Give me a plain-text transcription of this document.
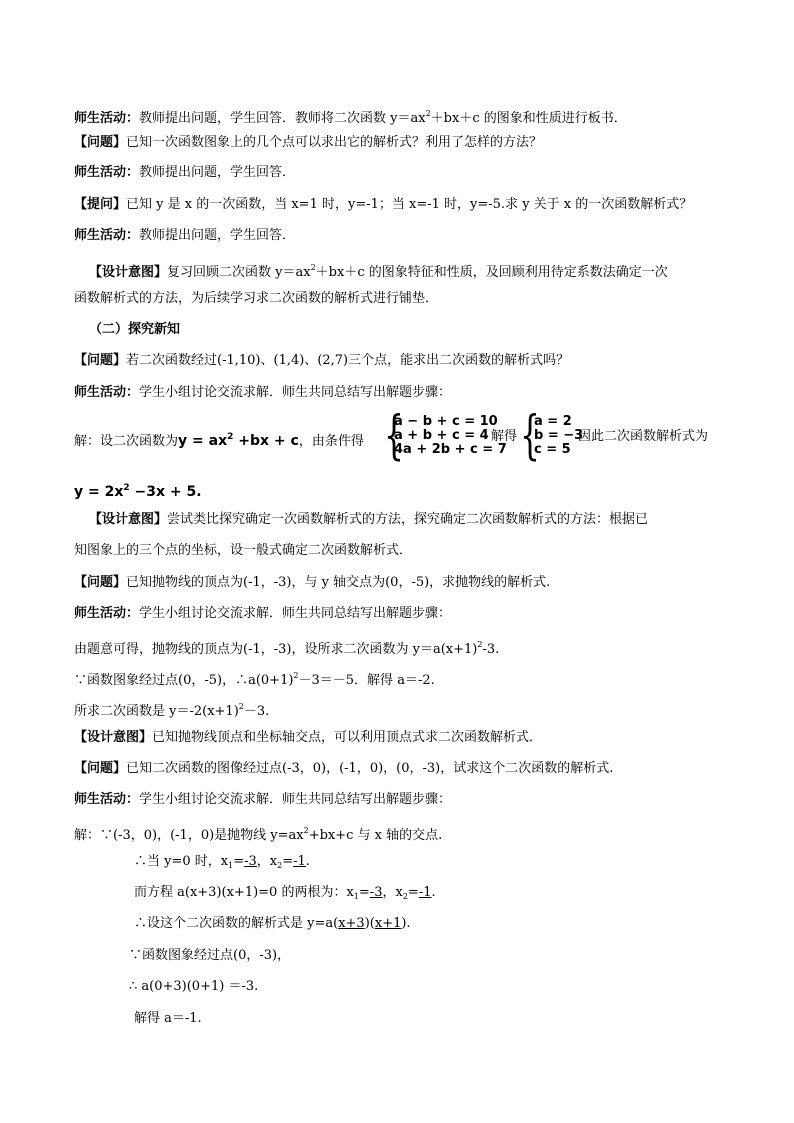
师生活动：教师提出问题，学生回答．教师将二次函数 $y=ax^2+bx+c$ 的图象和性质进行板书．
【问题】已知一次函数图象上的几个点可以求出它的解析式？利用了怎样的方法？
师生活动：教师提出问题，学生回答．
【提问】已知 y 是 x 的一次函数，当 x=1 时，y=-1；当 x=-1 时，y=-5.求 y 关于 x 的一次函数解析式？
师生活动：教师提出问题，学生回答．
【设计意图】复习回顾二次函数 $y=ax^2+bx+c$ 的图象特征和性质，及回顾利用待定系数法确定一次
函数解析式的方法，为后续学习求二次函数的解析式进行铺垫．
（二）探究新知
【问题】若二次函数经过(-1,10)、(1,4)、(2,7)三个点，能求出二次函数的解析式吗？
师生活动：学生小组讨论交流求解．师生共同总结写出解题步骤：
解：设二次函数为$y = ax^2 +bx + c$，由条件得 {
a − b + c = 10
a + b + c = 4
4a + 2b + c = 7
解得 {
a = 2
b = −3
c = 5
因此二次函数解析式为
$y = 2x^2 -3x + 5$.
【设计意图】尝试类比探究确定一次函数解析式的方法，探究确定二次函数解析式的方法：根据已
知图象上的三个点的坐标，设一般式确定二次函数解析式．
【问题】已知抛物线的顶点为(-1，-3)，与 y 轴交点为(0，-5)，求抛物线的解析式.
师生活动：学生小组讨论交流求解．师生共同总结写出解题步骤：
由题意可得，抛物线的顶点为(-1，-3)，设所求二次函数为 $y=a(x+1)^2-3$.
∵函数图象经过点(0，-5)，$\therefore a(0+1)^2-3=-5$．解得 a＝-2.
所求二次函数是 $y=-2(x+1)^2-3$.
【设计意图】已知抛物线顶点和坐标轴交点，可以利用顶点式求二次函数解析式．
【问题】已知二次函数的图像经过点(-3，0)，(-1，0)，(0，-3)，试求这个二次函数的解析式.
师生活动：学生小组讨论交流求解．师生共同总结写出解题步骤：
解：∵(-3，0)，(-1，0)是抛物线 $y=ax^2+bx+c$ 与 x 轴的交点.
∴当 y=0 时，$x_1=-3$，$x_2=-1$.
而方程 a(x+3)(x+1)=0 的两根为：$x_1=-3$，$x_2=-1$.
∴设这个二次函数的解析式是 y=a(x+3)(x+1).
∵函数图象经过点(0，-3)，
∴ a(0+3)(0+1) ＝-3.
解得 a＝-1.
